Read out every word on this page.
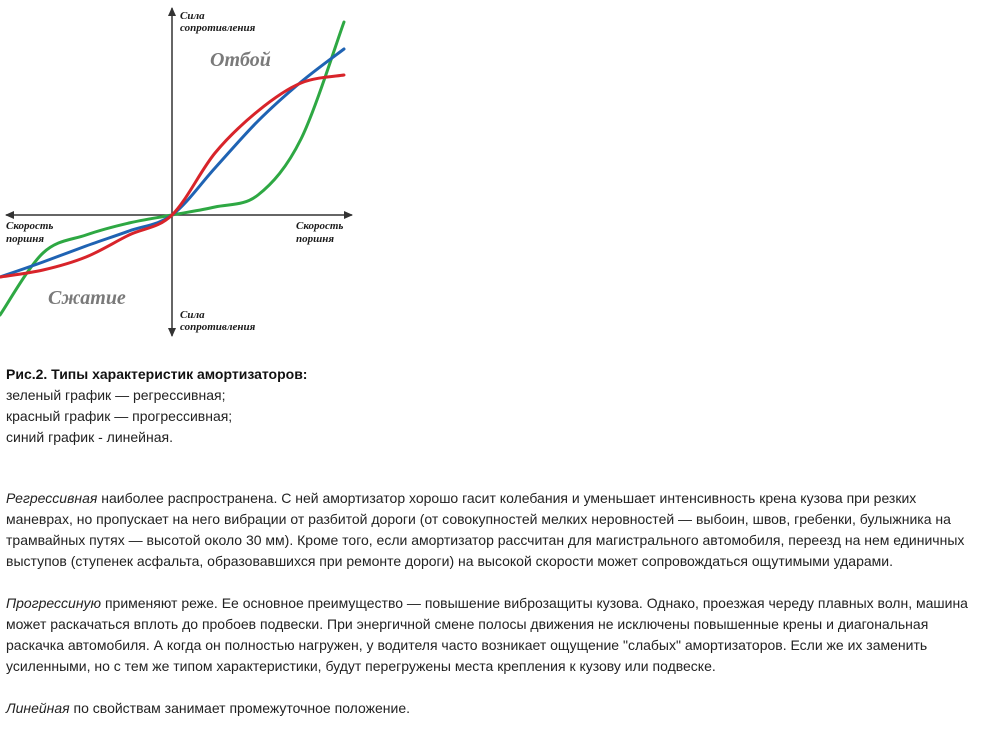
Сила сопротивления
Сила сопротивления
Скорость поршня
Скорость поршня
Отбой
Сжатие
Рис.2. Типы характеристик амортизаторов:
зеленый график — регрессивная;
красный график — прогрессивная;
синий график - линейная.

Регрессивная наиболее распространена. С ней амортизатор хорошо гасит колебания и уменьшает интенсивность крена кузова при резких маневрах, но пропускает на него вибрации от разбитой дороги (от совокупностей мелких неровностей — выбоин, швов, гребенки, булыжника на трамвайных путях — высотой около 30 мм). Кроме того, если амортизатор рассчитан для магистрального автомобиля, переезд на нем единичных выступов (ступенек асфальта, образовавшихся при ремонте дороги) на высокой скорости может сопровождаться ощутимыми ударами.

Прогрессиную применяют реже. Ее основное преимущество — повышение виброзащиты кузова. Однако, проезжая череду плавных волн, машина может раскачаться вплоть до пробоев подвески. При энергичной смене полосы движения не исключены повышенные крены и диагональная раскачка автомобиля. А когда он полностью нагружен, у водителя часто возникает ощущение "слабых" амортизаторов. Если же их заменить усиленными, но с тем же типом характеристики, будут перегружены места крепления к кузову или подвеске.

Линейная по свойствам занимает промежуточное положение.
